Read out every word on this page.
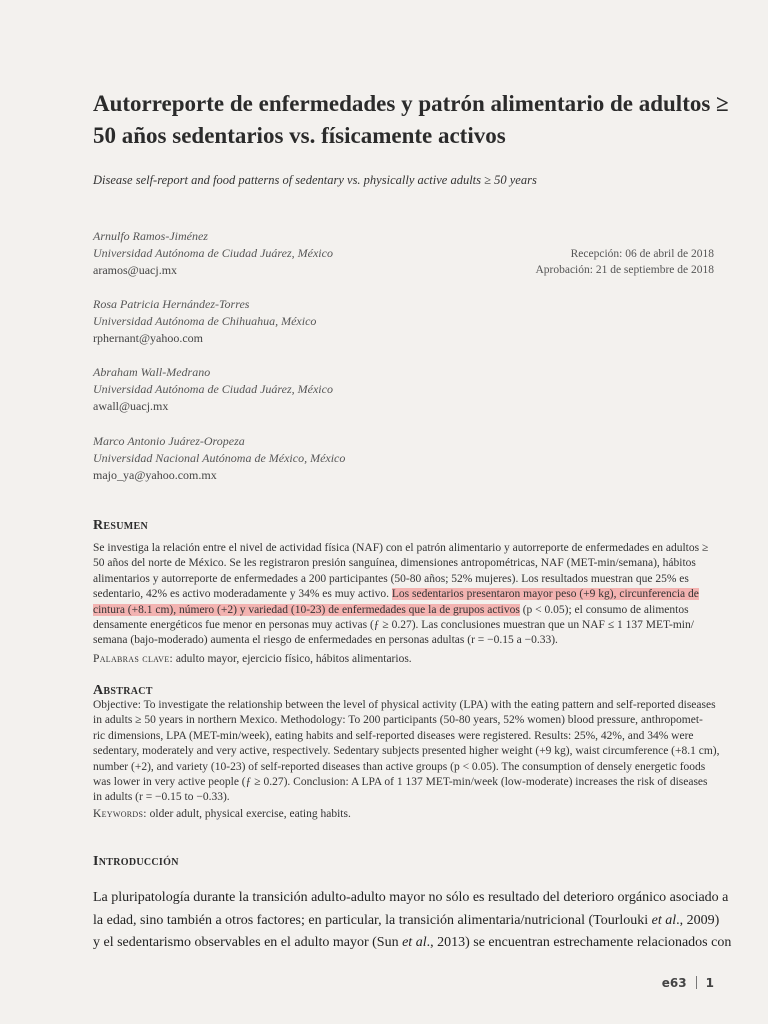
Autorreporte de enfermedades y patrón alimentario de adultos ≥
50 años sedentarios vs. físicamente activos
Disease self-report and food patterns of sedentary vs. physically active adults ≥ 50 years
Arnulfo Ramos-Jiménez
Universidad Autónoma de Ciudad Juárez, México
aramos@uacj.mx
Rosa Patricia Hernández-Torres
Universidad Autónoma de Chihuahua, México
rphernant@yahoo.com
Abraham Wall-Medrano
Universidad Autónoma de Ciudad Juárez, México
awall@uacj.mx
Marco Antonio Juárez-Oropeza
Universidad Nacional Autónoma de México, México
majo_ya@yahoo.com.mx
Recepción: 06 de abril de 2018
Aprobación: 21 de septiembre de 2018
Resumen
Se investiga la relación entre el nivel de actividad física (NAF) con el patrón alimentario y autorreporte de enfermedades en adultos ≥
50 años del norte de México. Se les registraron presión sanguínea, dimensiones antropométricas, NAF (MET-min/semana), hábitos
alimentarios y autorreporte de enfermedades a 200 participantes (50-80 años; 52% mujeres). Los resultados muestran que 25% es
sedentario, 42% es activo moderadamente y 34% es muy activo. Los sedentarios presentaron mayor peso (+9 kg), circunferencia de
cintura (+8.1 cm), número (+2) y variedad (10-23) de enfermedades que la de grupos activos (p < 0.05); el consumo de alimentos
densamente energéticos fue menor en personas muy activas (ƒ ≥ 0.27). Las conclusiones muestran que un NAF ≤ 1 137 MET-min/
semana (bajo-moderado) aumenta el riesgo de enfermedades en personas adultas (r = −0.15 a −0.33).
Palabras clave: adulto mayor, ejercicio físico, hábitos alimentarios.
Abstract
Objective: To investigate the relationship between the level of physical activity (LPA) with the eating pattern and self-reported diseases
in adults ≥ 50 years in northern Mexico. Methodology: To 200 participants (50-80 years, 52% women) blood pressure, anthropomet-
ric dimensions, LPA (MET-min/week), eating habits and self-reported diseases were registered. Results: 25%, 42%, and 34% were
sedentary, moderately and very active, respectively. Sedentary subjects presented higher weight (+9 kg), waist circumference (+8.1 cm),
number (+2), and variety (10-23) of self-reported diseases than active groups (p < 0.05). The consumption of densely energetic foods
was lower in very active people (ƒ ≥ 0.27). Conclusion: A LPA of 1 137 MET-min/week (low-moderate) increases the risk of diseases
in adults (r = −0.15 to −0.33).
Keywords: older adult, physical exercise, eating habits.
Introducción
La pluripatología durante la transición adulto-adulto mayor no sólo es resultado del deterioro orgánico asociado a
la edad, sino también a otros factores; en particular, la transición alimentaria/nutricional (Tourlouki et al., 2009)
y el sedentarismo observables en el adulto mayor (Sun et al., 2013) se encuentran estrechamente relacionados con
e63 1
